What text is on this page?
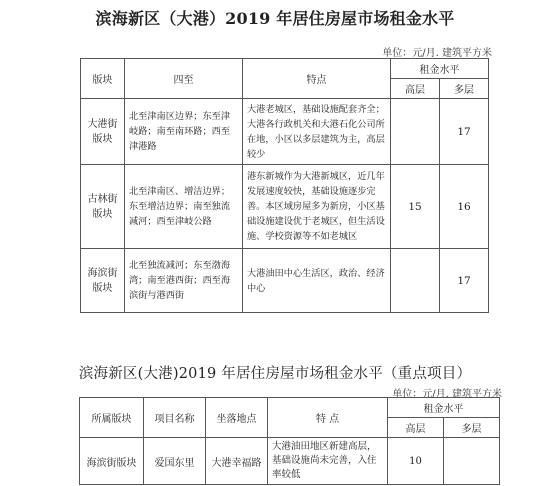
滨海新区（大港）2019 年居住房屋市场租金水平
单位：元/月. 建筑平方米
版块	四至	特点	租金水平	
			高层	多层
大港街版块	北至津南区边界；东至津岐路；南至南环路；西至津港路	大港老城区，基础设施配套齐全；大港各行政机关和大港石化公司所在地，小区以多层建筑为主，高层较少		17
古林街版块	北至津南区、增洁边界；东至增洁边界；南至独流减河；西至津岐公路	港东新城作为大港新城区，近几年发展速度较快，基础设施逐步完善。本区域房屋多为新房，小区基础设施建设优于老城区，但生活设施、学校资源等不如老城区	15	16
海滨街版块	北至独流减河；东至渤海湾；南至港西街；西至海滨街与港西街	大港油田中心生活区，政治、经济中心		17
滨海新区(大港)2019 年居住房屋市场租金水平（重点项目）
单位：元/月. 建筑平方米
所属版块	项目名称	坐落地点	特 点	租金水平	
				高层	多层
海滨街版块	爱国东里	大港幸福路	大港油田地区新建高层，基础设施尚未完善，入住率较低	10	
